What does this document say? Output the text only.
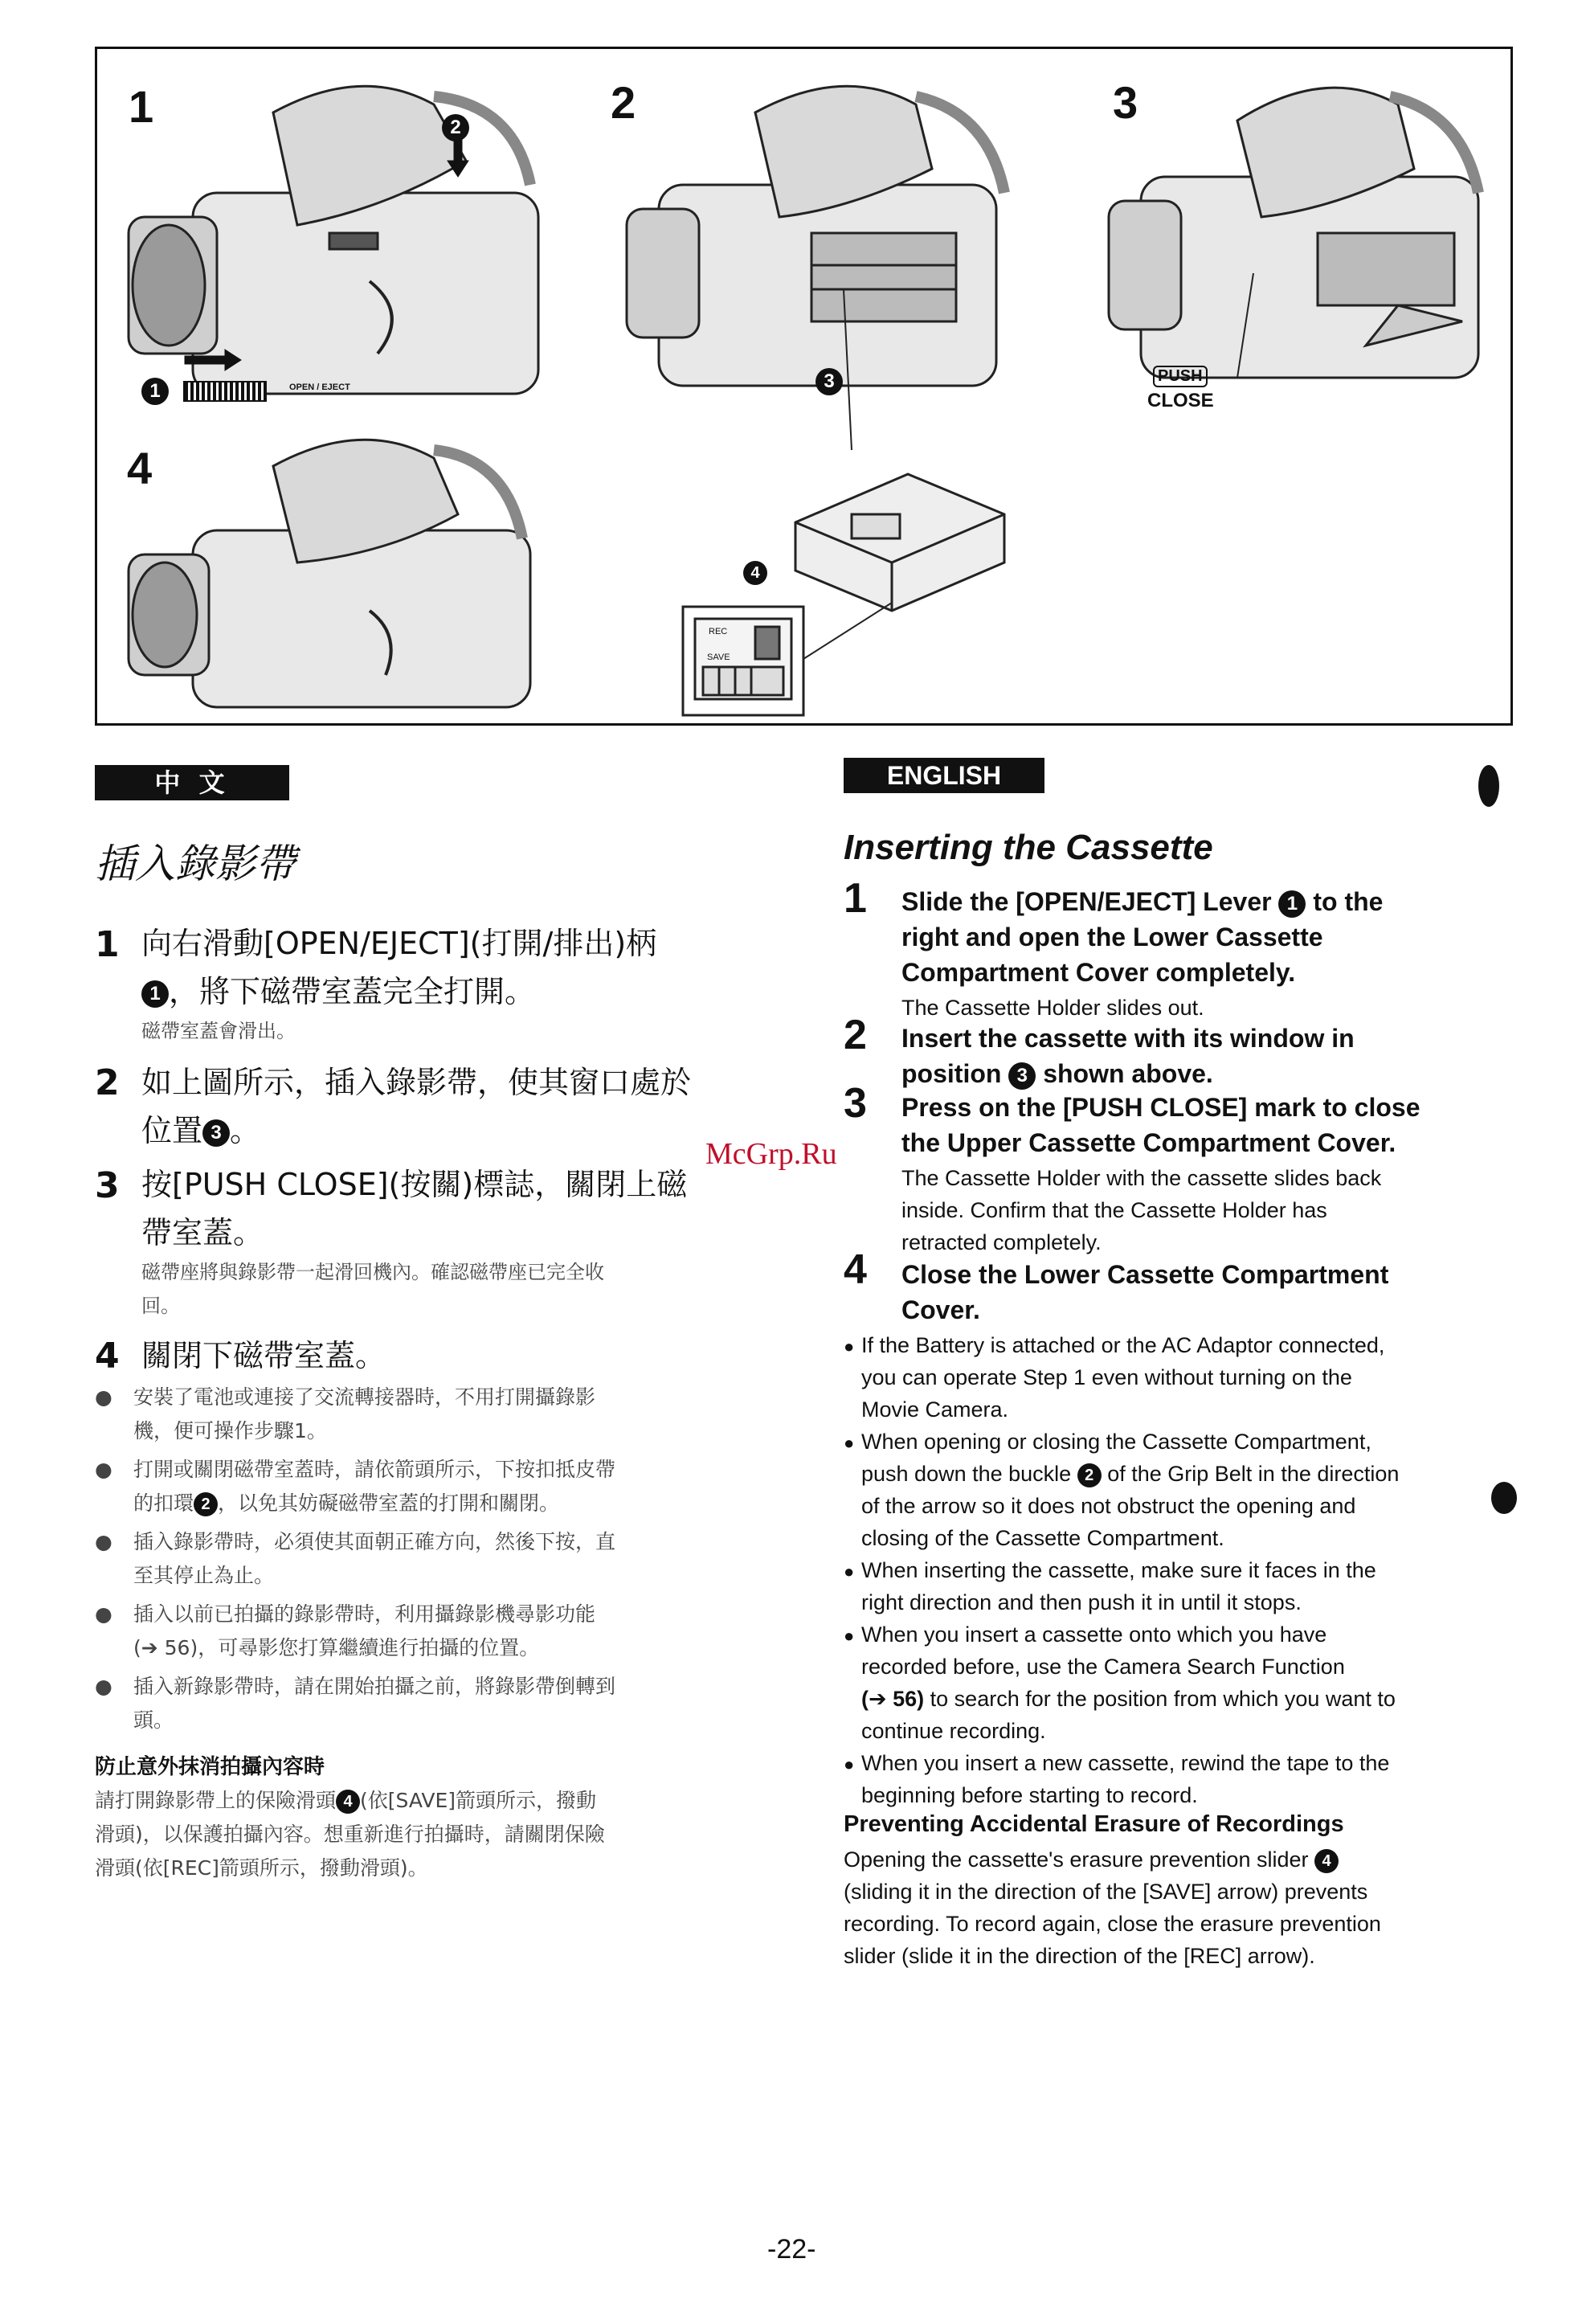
1	2	3
4
2
1	OPEN / EJECT	3	PUSH
CLOSE
4
REC
SAVE
中 文
插入錄影帶
1 向右滑動[OPEN/EJECT](打開/排出)柄
1 ，將下磁帶室蓋完全打開。
磁帶室蓋會滑出。
2 如上圖所示，插入錄影帶，使其窗口處於
位置 3 。
3 按[PUSH CLOSE](按關)標誌，關閉上磁
帶室蓋。
磁帶座將與錄影帶一起滑回機內。確認磁帶座已完全收
回。
4 關閉下磁帶室蓋。
● 安裝了電池或連接了交流轉接器時，不用打開攝錄影
機，便可操作步驟1。
● 打開或關閉磁帶室蓋時，請依箭頭所示，下按扣抵皮帶
的扣環 2 ，以免其妨礙磁帶室蓋的打開和關閉。
● 插入錄影帶時，必須使其面朝正確方向，然後下按，直
至其停止為止。
● 插入以前已拍攝的錄影帶時，利用攝錄影機尋影功能
(➔ 56)，可尋影您打算繼續進行拍攝的位置。
● 插入新錄影帶時，請在開始拍攝之前，將錄影帶倒轉到
頭。
防止意外抹消拍攝內容時
請打開錄影帶上的保險滑頭 4 (依[SAVE]箭頭所示，撥動
滑頭)，以保護拍攝內容。想重新進行拍攝時，請關閉保險
滑頭(依[REC]箭頭所示，撥動滑頭)。
McGrp.Ru
ENGLISH
Inserting the Cassette
1 Slide the [OPEN/EJECT] Lever 1 to the
right and open the Lower Cassette
Compartment Cover completely.
The Cassette Holder slides out.
2 Insert the cassette with its window in
position 3 shown above.
3 Press on the [PUSH CLOSE] mark to close
the Upper Cassette Compartment Cover.
The Cassette Holder with the cassette slides back
inside. Confirm that the Cassette Holder has
retracted completely.
4 Close the Lower Cassette Compartment
Cover.
● If the Battery is attached or the AC Adaptor connected,
you can operate Step 1 even without turning on the
Movie Camera.
● When opening or closing the Cassette Compartment,
push down the buckle 2 of the Grip Belt in the direction
of the arrow so it does not obstruct the opening and
closing of the Cassette Compartment.
● When inserting the cassette, make sure it faces in the
right direction and then push it in until it stops.
● When you insert a cassette onto which you have
recorded before, use the Camera Search Function
(➔ 56) to search for the position from which you want to
continue recording.
● When you insert a new cassette, rewind the tape to the
beginning before starting to record.
Preventing Accidental Erasure of Recordings
Opening the cassette's erasure prevention slider 4
(sliding it in the direction of the [SAVE] arrow) prevents
recording. To record again, close the erasure prevention
slider (slide it in the direction of the [REC] arrow).
-22-
